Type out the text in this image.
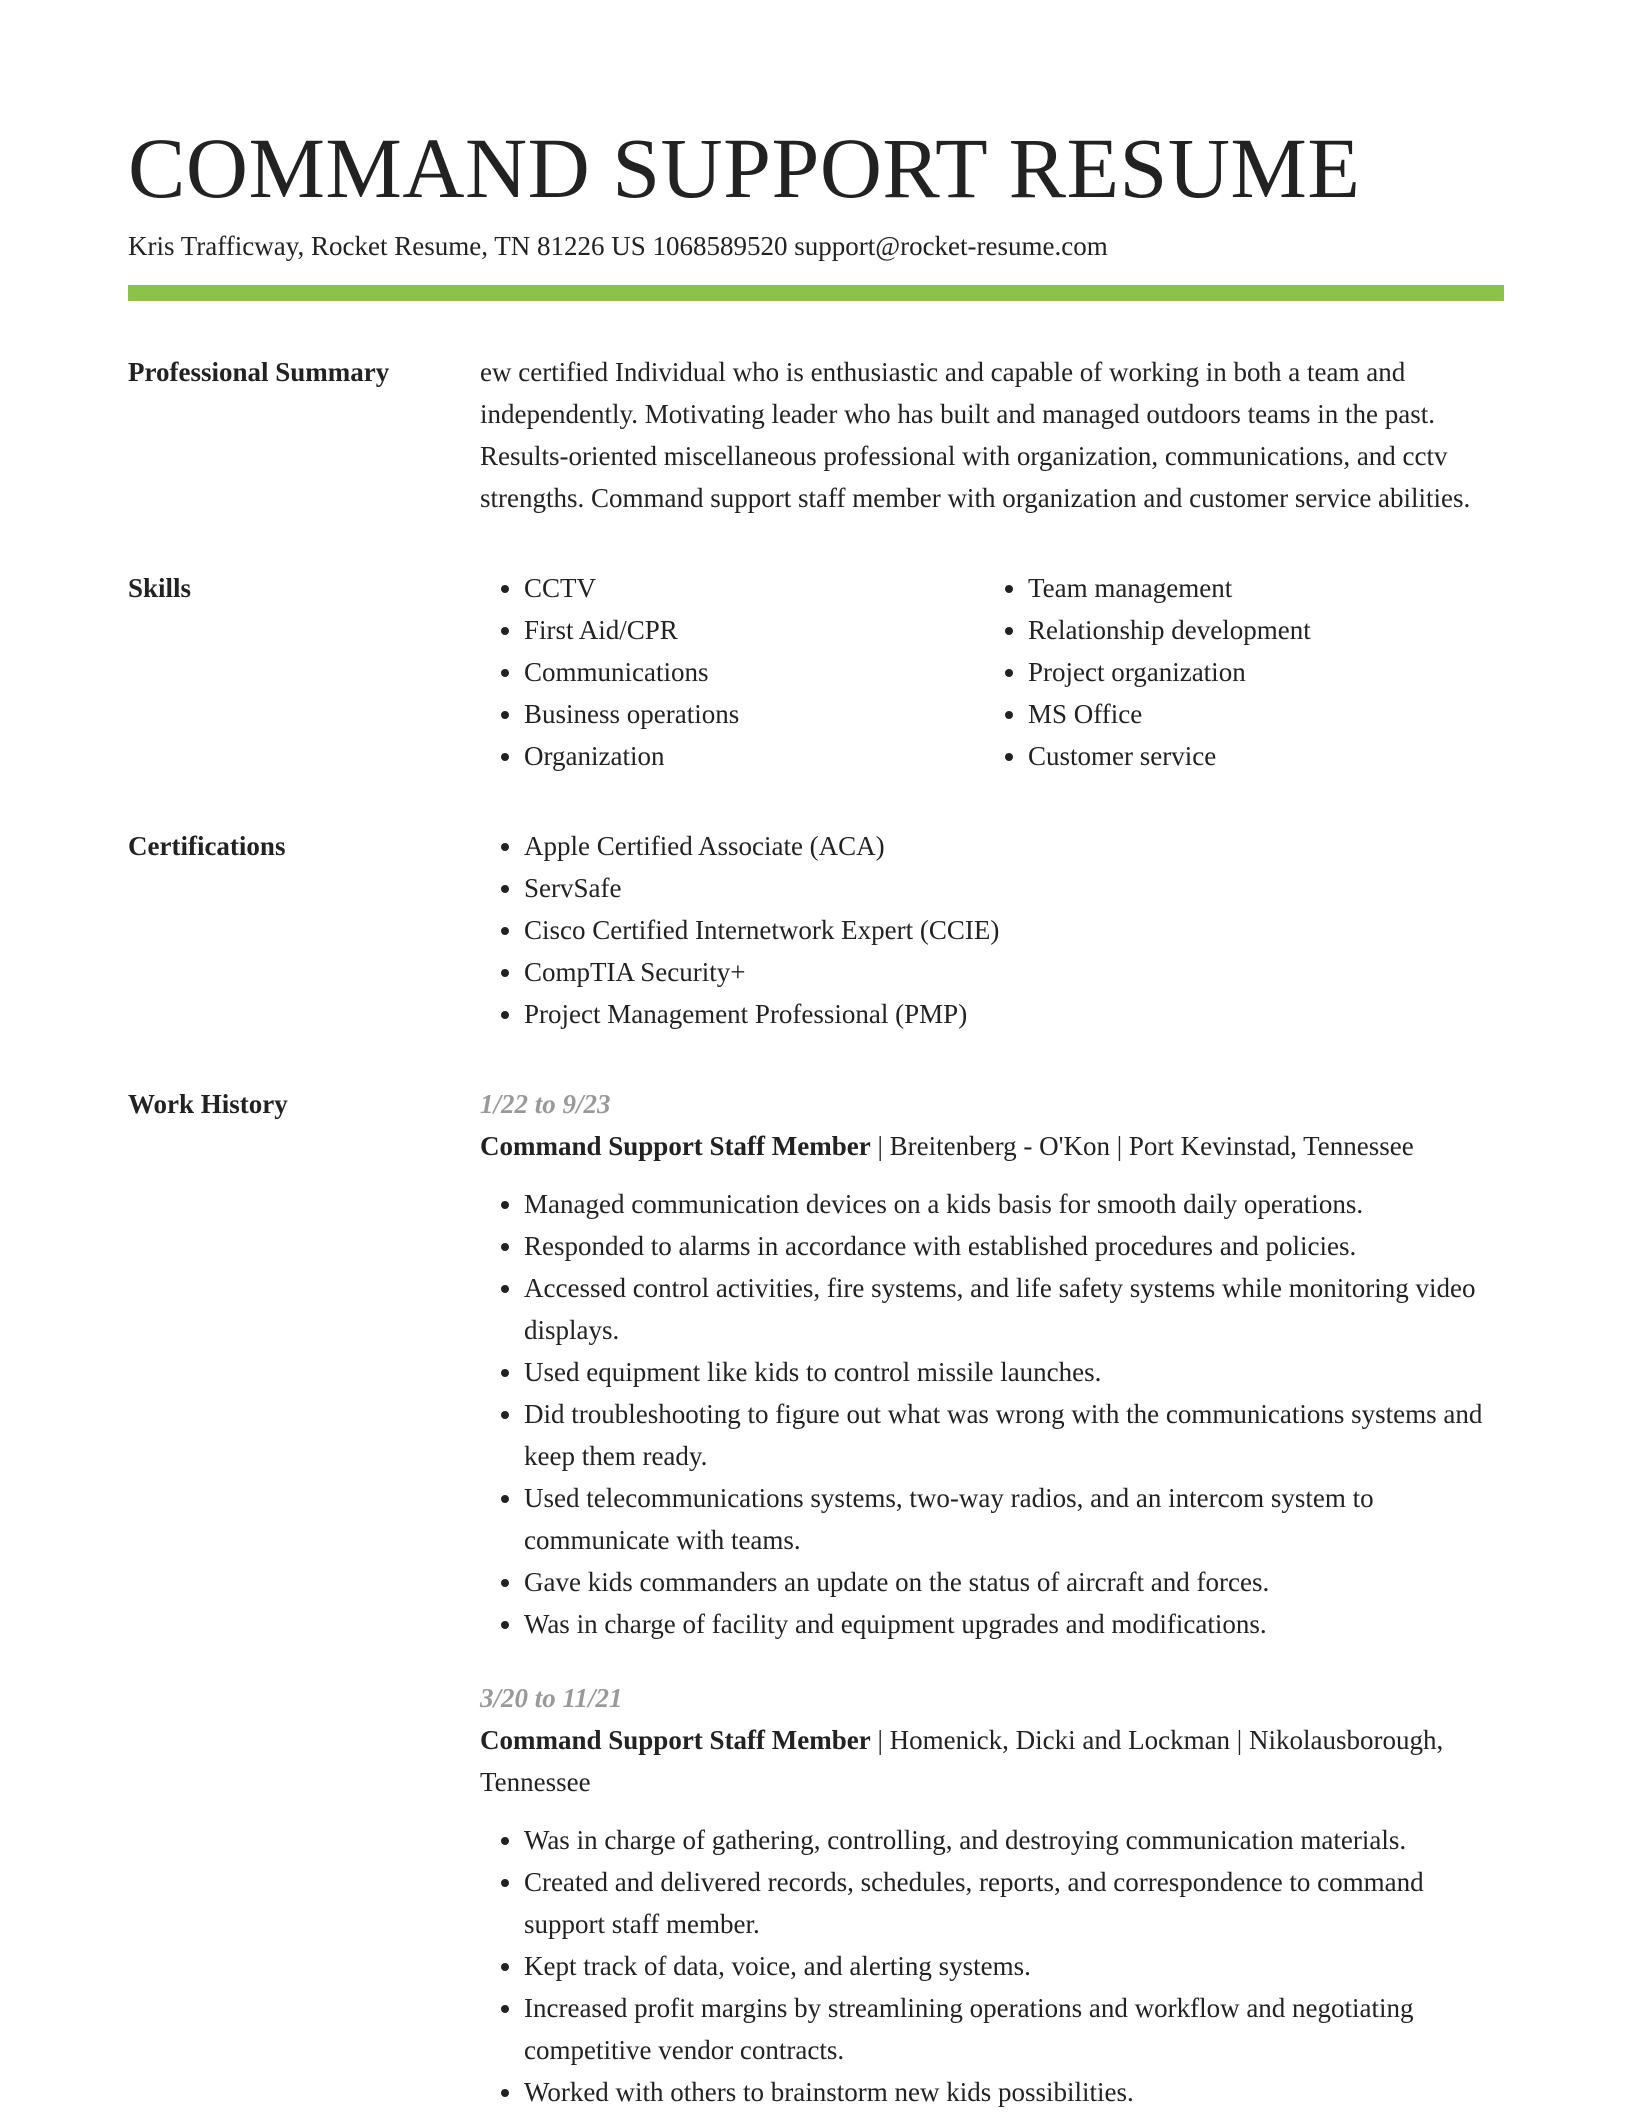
COMMAND SUPPORT RESUME
Kris Trafficway, Rocket Resume, TN 81226 US 1068589520 support@rocket-resume.com
Professional Summary	ew certified Individual who is enthusiastic and capable of working in both a team and independently. Motivating leader who has built and managed outdoors teams in the past. Results-oriented miscellaneous professional with organization, communications, and cctv strengths. Command support staff member with organization and customer service abilities.

Skills	• CCTV
• First Aid/CPR
• Communications
• Business operations
• Organization
• Team management
• Relationship development
• Project organization
• MS Office
• Customer service
Certifications	• Apple Certified Associate (ACA)
• ServSafe
• Cisco Certified Internetwork Expert (CCIE)
• CompTIA Security+
• Project Management Professional (PMP)
Work History	1/22 to 9/23
Command Support Staff Member | Breitenberg - O'Kon | Port Kevinstad, Tennessee
• Managed communication devices on a kids basis for smooth daily operations.
• Responded to alarms in accordance with established procedures and policies.
• Accessed control activities, fire systems, and life safety systems while monitoring video displays.
• Used equipment like kids to control missile launches.
• Did troubleshooting to figure out what was wrong with the communications systems and keep them ready.
• Used telecommunications systems, two-way radios, and an intercom system to communicate with teams.
• Gave kids commanders an update on the status of aircraft and forces.
• Was in charge of facility and equipment upgrades and modifications.
3/20 to 11/21
Command Support Staff Member | Homenick, Dicki and Lockman | Nikolausborough, Tennessee
• Was in charge of gathering, controlling, and destroying communication materials.
• Created and delivered records, schedules, reports, and correspondence to command support staff member.
• Kept track of data, voice, and alerting systems.
• Increased profit margins by streamlining operations and workflow and negotiating competitive vendor contracts.
• Worked with others to brainstorm new kids possibilities.
